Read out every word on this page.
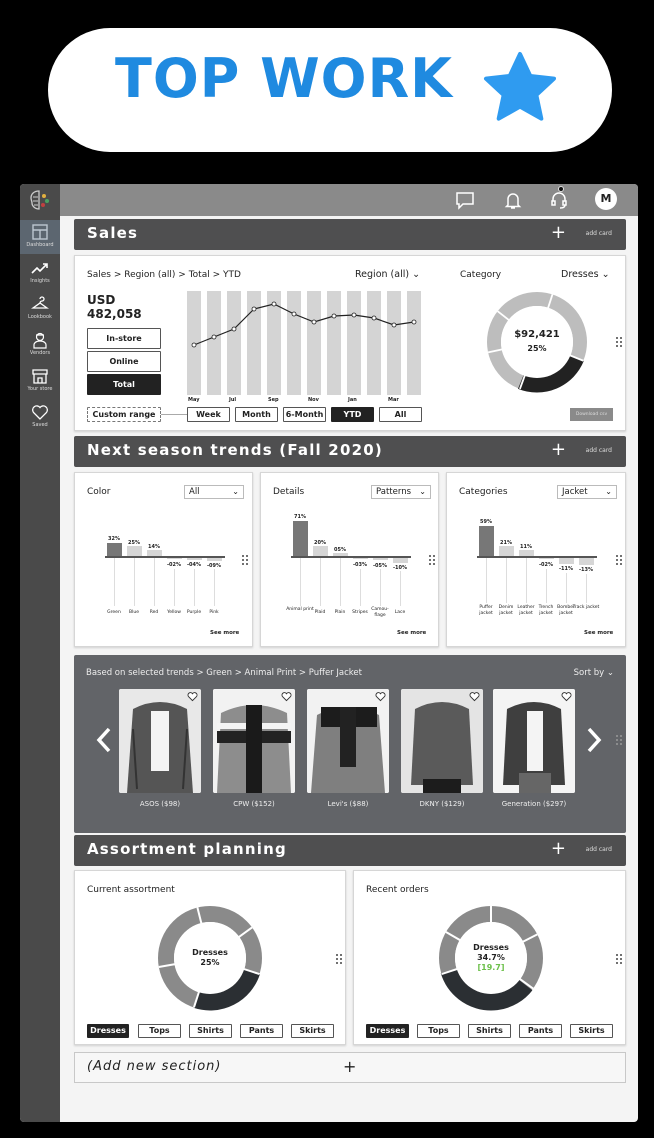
TOP WORK
Dashboard
Insights
Lookbook
Vendors
Your store
Saved
M
Sales	+	add card
Sales > Region (all) > Total > YTD	Region (all) ⌄
USD
482,058
In-store
Online
Total
May	Jul	Sep	Nov	Jan	Mar
Custom range	Week	Month	6-Month	YTD	All
Category	Dresses ⌄
$92,421
25%
Download csv
Next season trends (Fall 2020)	+	add card
Color	All	⌄
32%
25%
14%
-02%	-04%	-09%
Green	Blue	Red	Yellow	Purple	Pink
See more
Details	Patterns ⌄
71%
20%
05%
-03%	-05%	-10%
Animal print
Plaid	Plain	Stripes
Camou- flage
Lace
See more
Categories	Jacket ⌄
59%
21%
11%
-02%
-11%	-13%
Puffer jacket
Denim jacket
Leather jacket
Trench jacket
Bomber jacket
Track jacket
See more
Based on selected trends > Green > Animal Print > Puffer Jacket	Sort by ⌄
ASOS ($98)	CPW ($152)	Levi's ($88)	DKNY ($129)	Generation ($297)
Assortment planning	+	add card
Current assortment
Dresses
25%
Dresses	Tops	Shirts	Pants	Skirts
Recent orders
Dresses
34.7%
[19.7]
Dresses	Tops	Shirts	Pants	Skirts
(Add new section)	+
